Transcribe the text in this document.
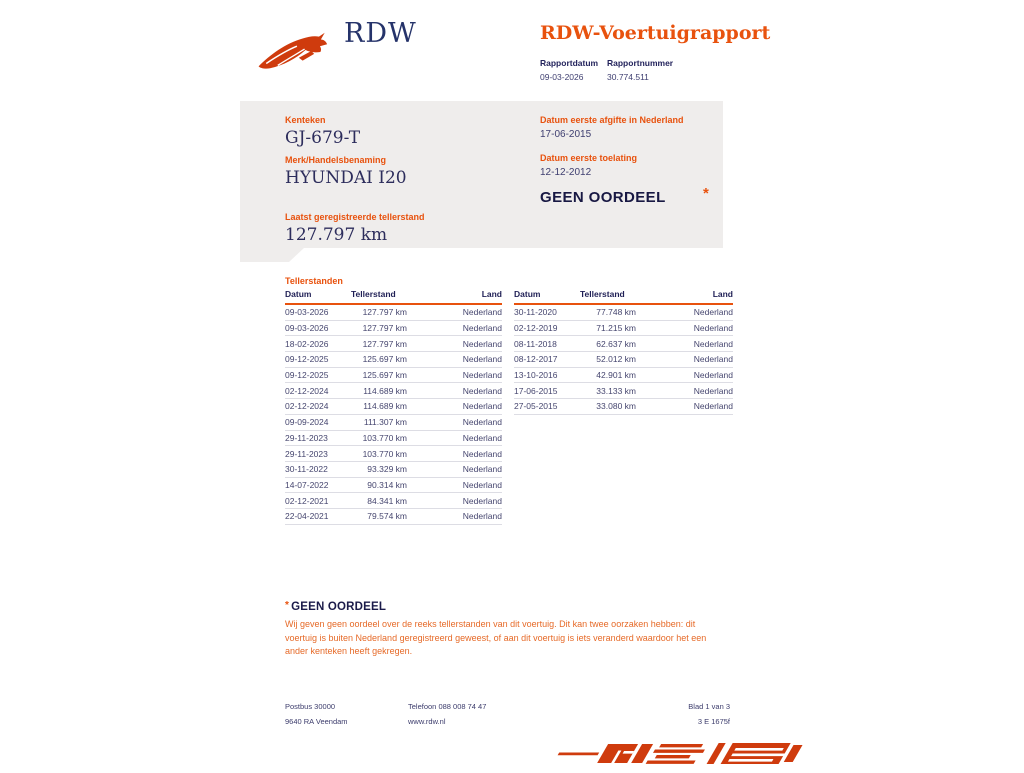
RDW	RDW-Voertuigrapport
Rapportdatum
09-03-2026
Rapportnummer
30.774.511
Kenteken
GJ-679-T
Merk/Handelsbenaming
HYUNDAI I20
Laatst geregistreerde tellerstand
127.797 km
Datum eerste afgifte in Nederland
17-06-2015
Datum eerste toelating
12-12-2012
GEEN OORDEEL *
Tellerstanden
Datum	Tellerstand	Land
09-03-2026	127.797 km	Nederland
09-03-2026	127.797 km	Nederland
18-02-2026	127.797 km	Nederland
09-12-2025	125.697 km	Nederland
09-12-2025	125.697 km	Nederland
02-12-2024	114.689 km	Nederland
02-12-2024	114.689 km	Nederland
09-09-2024	111.307 km	Nederland
29-11-2023	103.770 km	Nederland
29-11-2023	103.770 km	Nederland
30-11-2022	93.329 km	Nederland
14-07-2022	90.314 km	Nederland
02-12-2021	84.341 km	Nederland
22-04-2021	79.574 km	Nederland
Datum	Tellerstand	Land
30-11-2020	77.748 km	Nederland
02-12-2019	71.215 km	Nederland
08-11-2018	62.637 km	Nederland
08-12-2017	52.012 km	Nederland
13-10-2016	42.901 km	Nederland
17-06-2015	33.133 km	Nederland
27-05-2015	33.080 km	Nederland
* GEEN OORDEEL
Wij geven geen oordeel over de reeks tellerstanden van dit voertuig. Dit kan twee oorzaken hebben: dit voertuig is buiten Nederland geregistreerd geweest, of aan dit voertuig is iets veranderd waardoor het een ander kenteken heeft gekregen.
Postbus 30000
9640 RA Veendam
Telefoon 088 008 74 47
www.rdw.nl
Blad 1 van 3
3 E 1675f
